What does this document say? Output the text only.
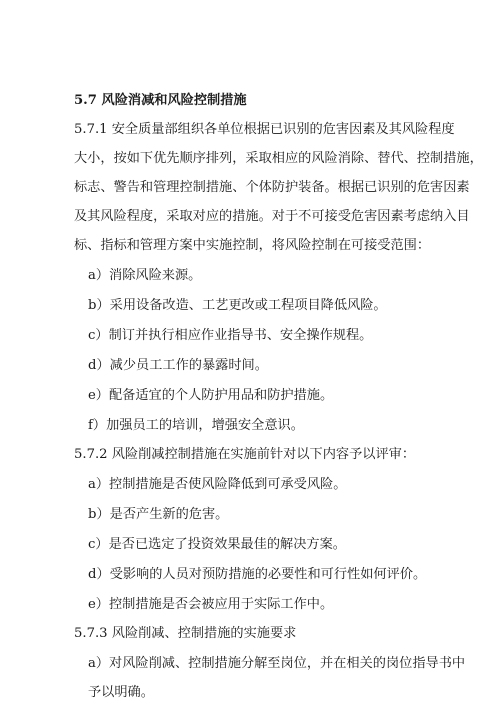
5.7 风险消减和风险控制措施
5.7.1 安全质量部组织各单位根据已识别的危害因素及其风险程度
大小，按如下优先顺序排列，采取相应的风险消除、替代、控制措施，
标志、警告和管理控制措施、个体防护装备。根据已识别的危害因素
及其风险程度，采取对应的措施。对于不可接受危害因素考虑纳入目
标、指标和管理方案中实施控制，将风险控制在可接受范围：
a）消除风险来源。
b）采用设备改造、工艺更改或工程项目降低风险。
c）制订并执行相应作业指导书、安全操作规程。
d）减少员工工作的暴露时间。
e）配备适宜的个人防护用品和防护措施。
f）加强员工的培训，增强安全意识。
5.7.2 风险削减控制措施在实施前针对以下内容予以评审：
a）控制措施是否使风险降低到可承受风险。
b）是否产生新的危害。
c）是否已选定了投资效果最佳的解决方案。
d）受影响的人员对预防措施的必要性和可行性如何评价。
e）控制措施是否会被应用于实际工作中。
5.7.3 风险削减、控制措施的实施要求
a）对风险削减、控制措施分解至岗位，并在相关的岗位指导书中
予以明确。
